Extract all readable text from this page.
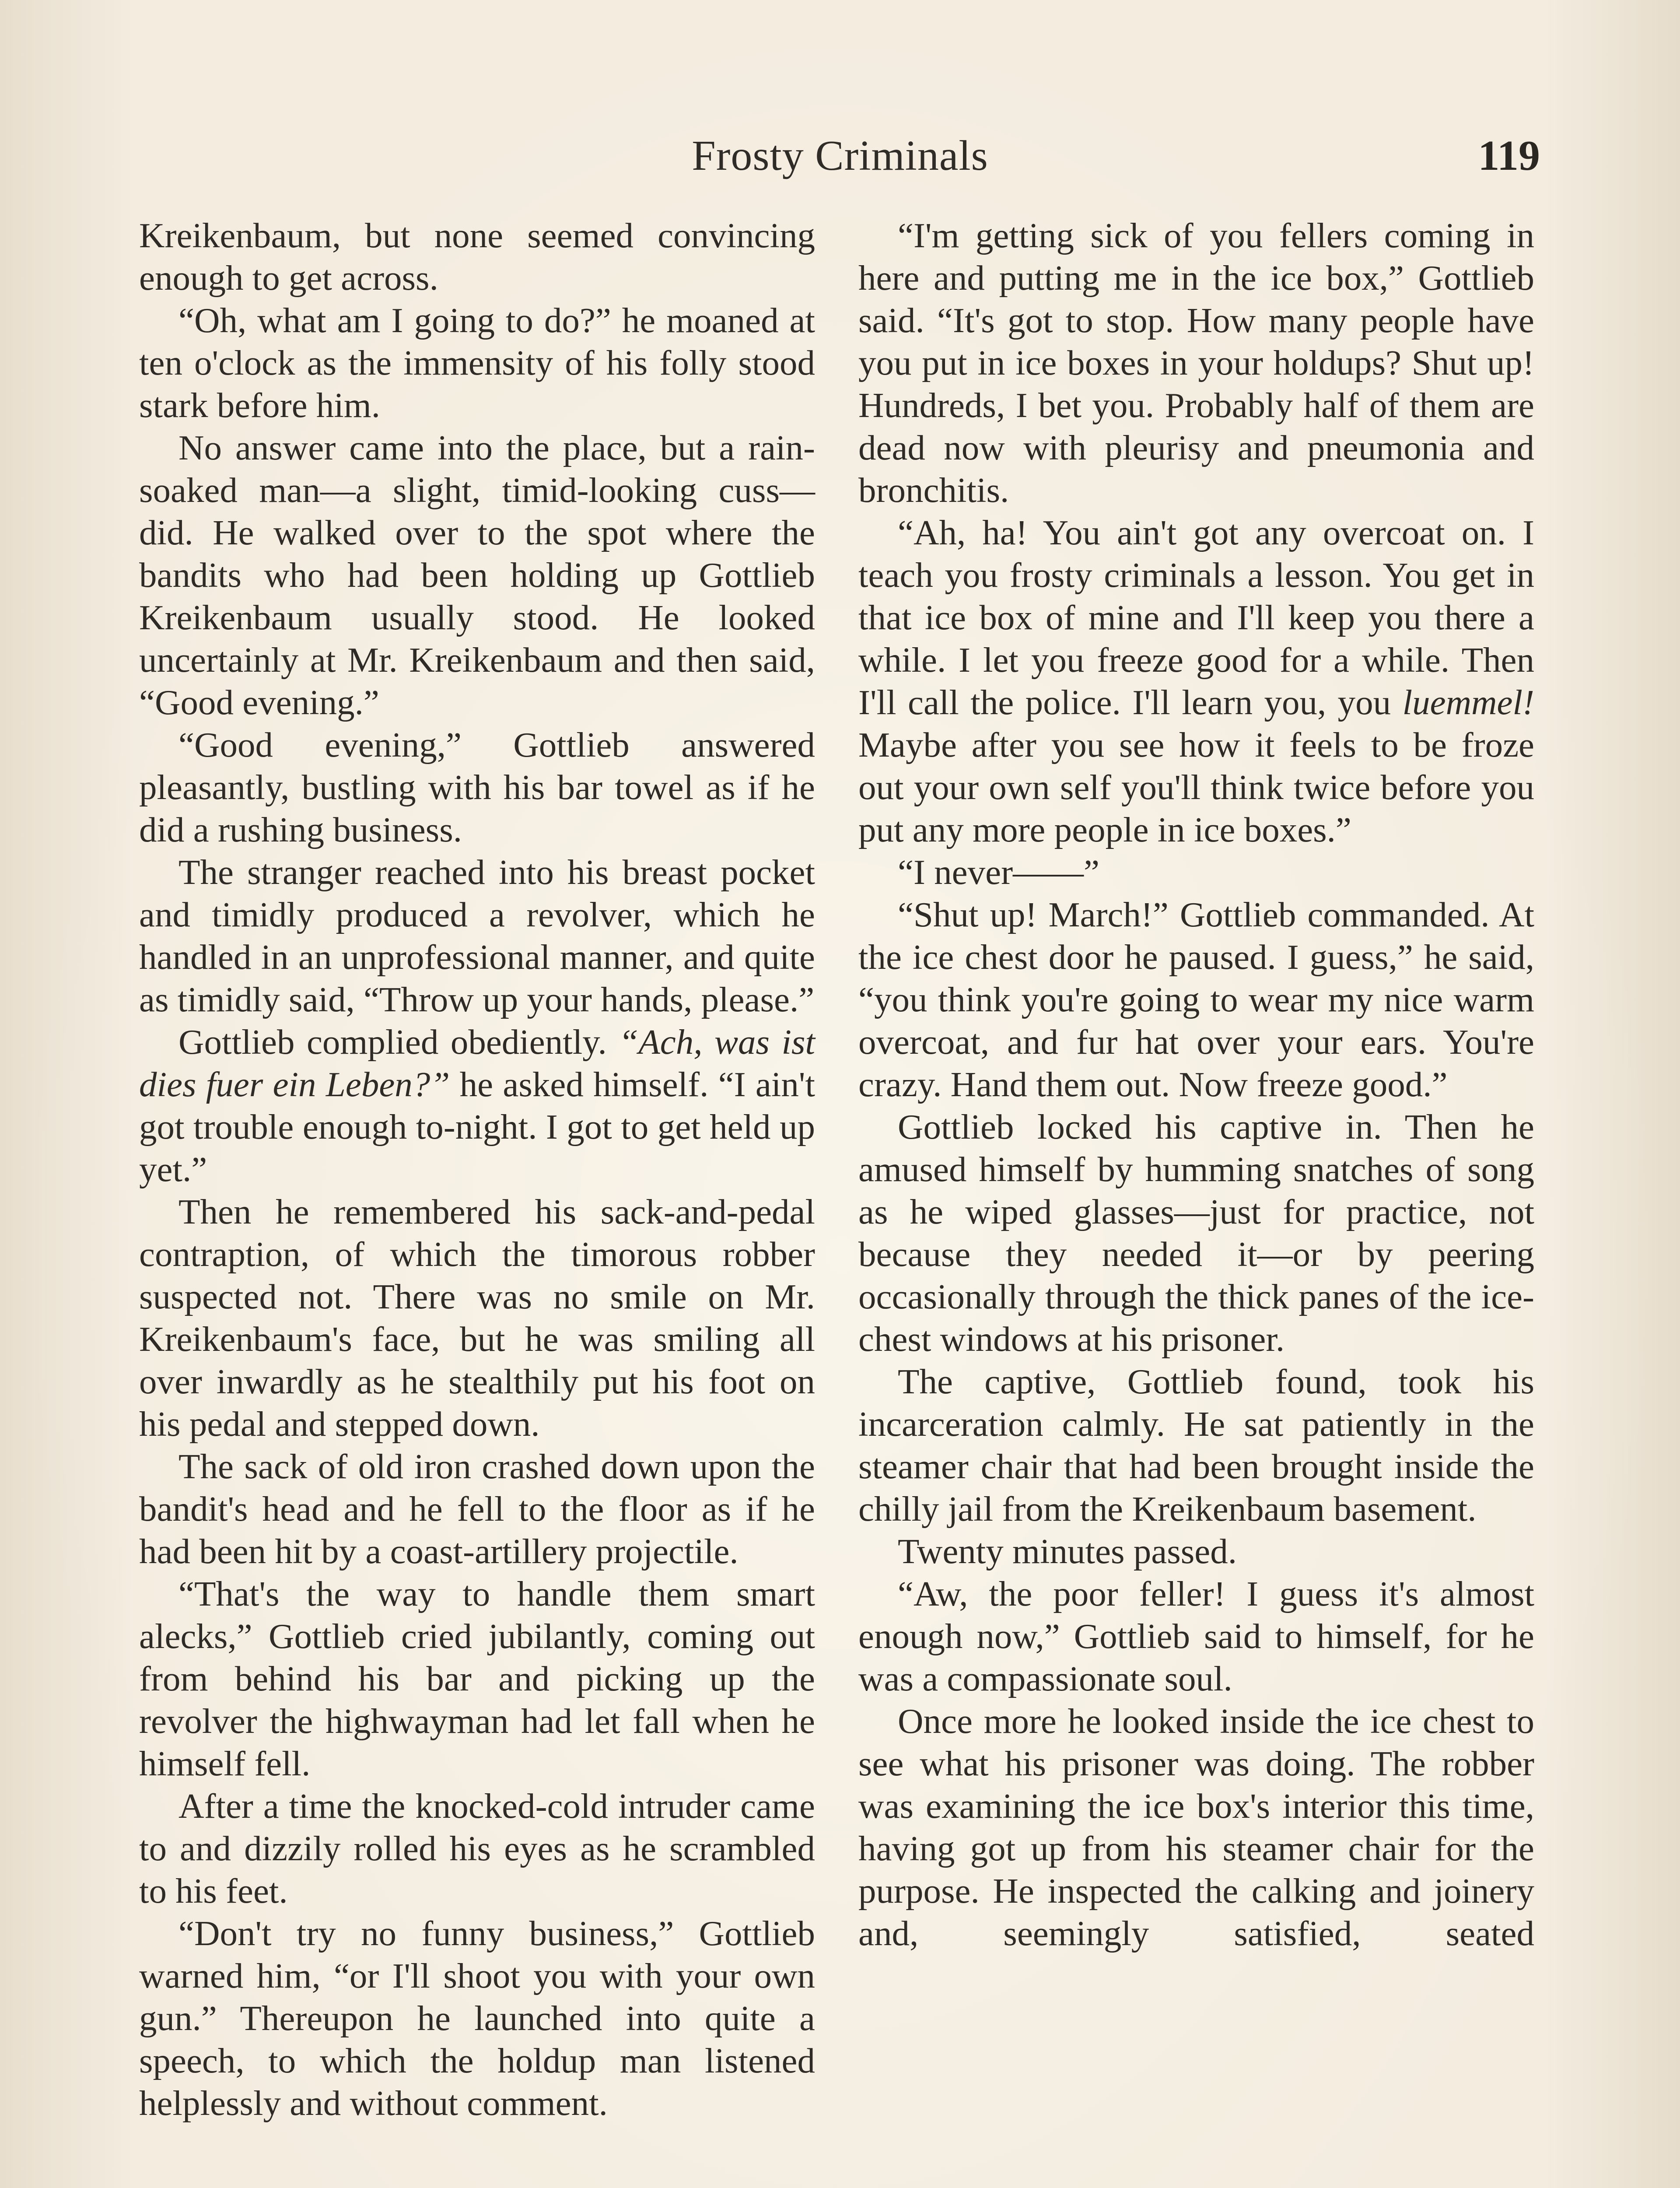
Frosty Criminals	119

Kreikenbaum, but none seemed convincing enough to get across.

“Oh, what am I going to do?” he moaned at ten o'clock as the immensity of his folly stood stark before him.

No answer came into the place, but a rain-soaked man—a slight, timid-looking cuss—did. He walked over to the spot where the bandits who had been holding up Gottlieb Kreikenbaum usually stood. He looked uncertainly at Mr. Kreikenbaum and then said, “Good evening.”

“Good evening,” Gottlieb answered pleasantly, bustling with his bar towel as if he did a rushing business.

The stranger reached into his breast pocket and timidly produced a revolver, which he handled in an unprofessional manner, and quite as timidly said, “Throw up your hands, please.”

Gottlieb complied obediently. “Ach, was ist dies fuer ein Leben?” he asked himself. “I ain't got trouble enough to-night. I got to get held up yet.”

Then he remembered his sack-and-pedal contraption, of which the timorous robber suspected not. There was no smile on Mr. Kreikenbaum's face, but he was smiling all over inwardly as he stealthily put his foot on his pedal and stepped down.

The sack of old iron crashed down upon the bandit's head and he fell to the floor as if he had been hit by a coast-artillery projectile.

“That's the way to handle them smart alecks,” Gottlieb cried jubilantly, coming out from behind his bar and picking up the revolver the highwayman had let fall when he himself fell.

After a time the knocked-cold intruder came to and dizzily rolled his eyes as he scrambled to his feet.

“Don't try no funny business,” Gottlieb warned him, “or I'll shoot you with your own gun.” Thereupon he launched into quite a speech, to which the holdup man listened helplessly and without comment.

“I'm getting sick of you fellers coming in here and putting me in the ice box,” Gottlieb said. “It's got to stop. How many people have you put in ice boxes in your holdups? Shut up! Hundreds, I bet you. Probably half of them are dead now with pleurisy and pneumonia and bronchitis.

“Ah, ha! You ain't got any overcoat on. I teach you frosty criminals a lesson. You get in that ice box of mine and I'll keep you there a while. I let you freeze good for a while. Then I'll call the police. I'll learn you, you luemmel! Maybe after you see how it feels to be froze out your own self you'll think twice before you put any more people in ice boxes.”

“I never——”

“Shut up! March!” Gottlieb commanded. At the ice chest door he paused. I guess,” he said, “you think you're going to wear my nice warm overcoat, and fur hat over your ears. You're crazy. Hand them out. Now freeze good.”

Gottlieb locked his captive in. Then he amused himself by humming snatches of song as he wiped glasses—just for practice, not because they needed it—or by peering occasionally through the thick panes of the ice-chest windows at his prisoner.

The captive, Gottlieb found, took his incarceration calmly. He sat patiently in the steamer chair that had been brought inside the chilly jail from the Kreikenbaum basement.

Twenty minutes passed.

“Aw, the poor feller! I guess it's almost enough now,” Gottlieb said to himself, for he was a compassionate soul.

Once more he looked inside the ice chest to see what his prisoner was doing. The robber was examining the ice box's interior this time, having got up from his steamer chair for the purpose. He inspected the calking and joinery and, seemingly satisfied, seated
